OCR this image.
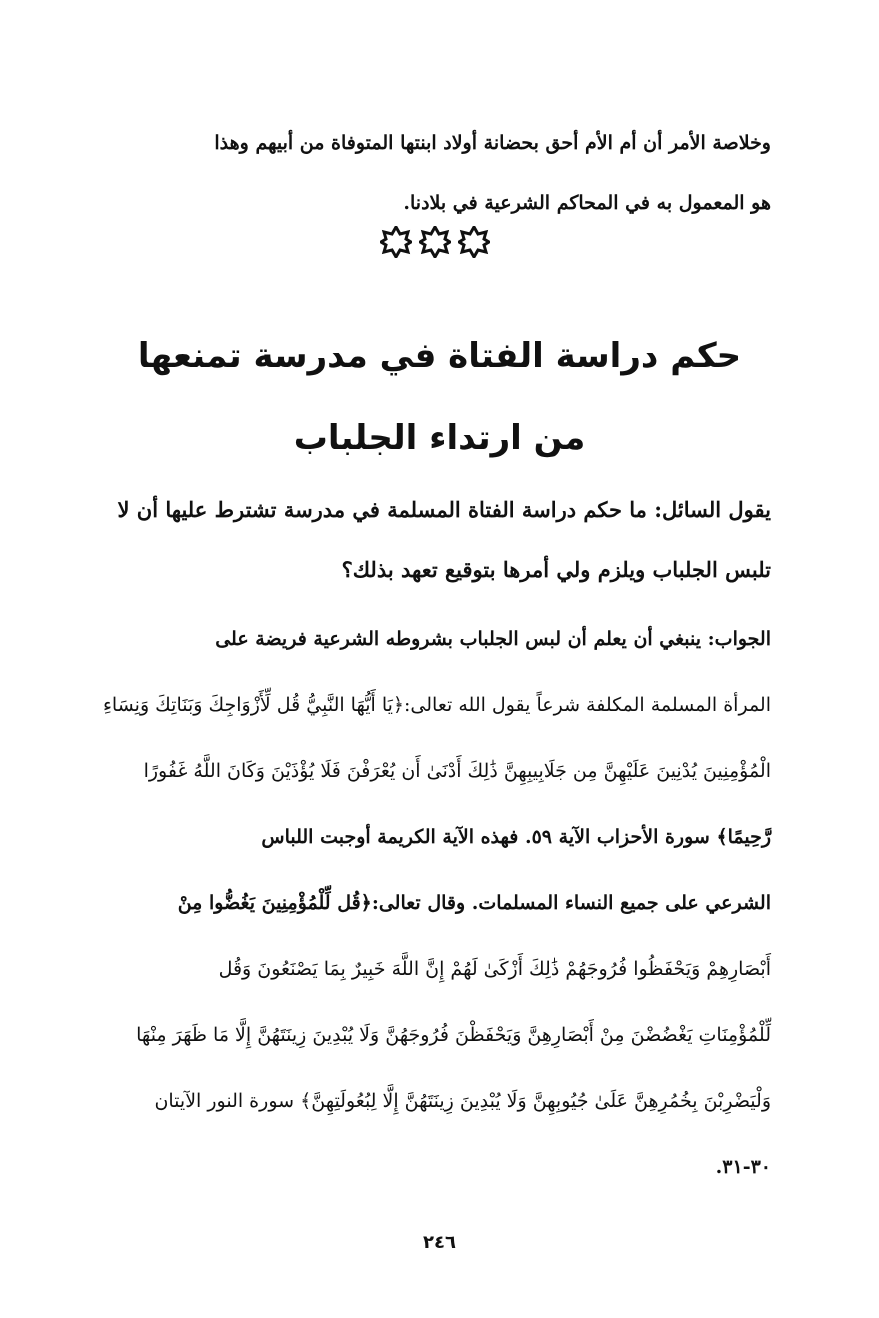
وخلاصة الأمر أن أم الأم أحق بحضانة أولاد ابنتها المتوفاة من أبيهم وهذا
هو المعمول به في المحاكم الشرعية في بلادنا.

حكم دراسة الفتاة في مدرسة تمنعها
من ارتداء الجلباب

يقول السائل: ما حكم دراسة الفتاة المسلمة في مدرسة تشترط عليها أن لا
تلبس الجلباب ويلزم ولي أمرها بتوقيع تعهد بذلك؟

الجواب: ينبغي أن يعلم أن لبس الجلباب بشروطه الشرعية فريضة على
المرأة المسلمة المكلفة شرعاً يقول الله تعالى:﴿يَا أَيُّهَا النَّبِيُّ قُل لِّأَزْوَاجِكَ وَبَنَاتِكَ وَنِسَاءِ
الْمُؤْمِنِينَ يُدْنِينَ عَلَيْهِنَّ مِن جَلَابِيبِهِنَّ ذَٰلِكَ أَدْنَىٰ أَن يُعْرَفْنَ فَلَا يُؤْذَيْنَ وَكَانَ اللَّهُ غَفُورًا
رَّحِيمًا﴾ سورة الأحزاب الآية ٥٩. فهذه الآية الكريمة أوجبت اللباس
الشرعي على جميع النساء المسلمات. وقال تعالى:﴿قُل لِّلْمُؤْمِنِينَ يَغُضُّوا مِنْ
أَبْصَارِهِمْ وَيَحْفَظُوا فُرُوجَهُمْ ذَٰلِكَ أَزْكَىٰ لَهُمْ إِنَّ اللَّهَ خَبِيرٌ بِمَا يَصْنَعُونَ وَقُل
لِّلْمُؤْمِنَاتِ يَغْضُضْنَ مِنْ أَبْصَارِهِنَّ وَيَحْفَظْنَ فُرُوجَهُنَّ وَلَا يُبْدِينَ زِينَتَهُنَّ إِلَّا مَا ظَهَرَ مِنْهَا
وَلْيَضْرِبْنَ بِخُمُرِهِنَّ عَلَىٰ جُيُوبِهِنَّ وَلَا يُبْدِينَ زِينَتَهُنَّ إِلَّا لِبُعُولَتِهِنَّ﴾ سورة النور الآيتان
٣٠-٣١.

٢٤٦
